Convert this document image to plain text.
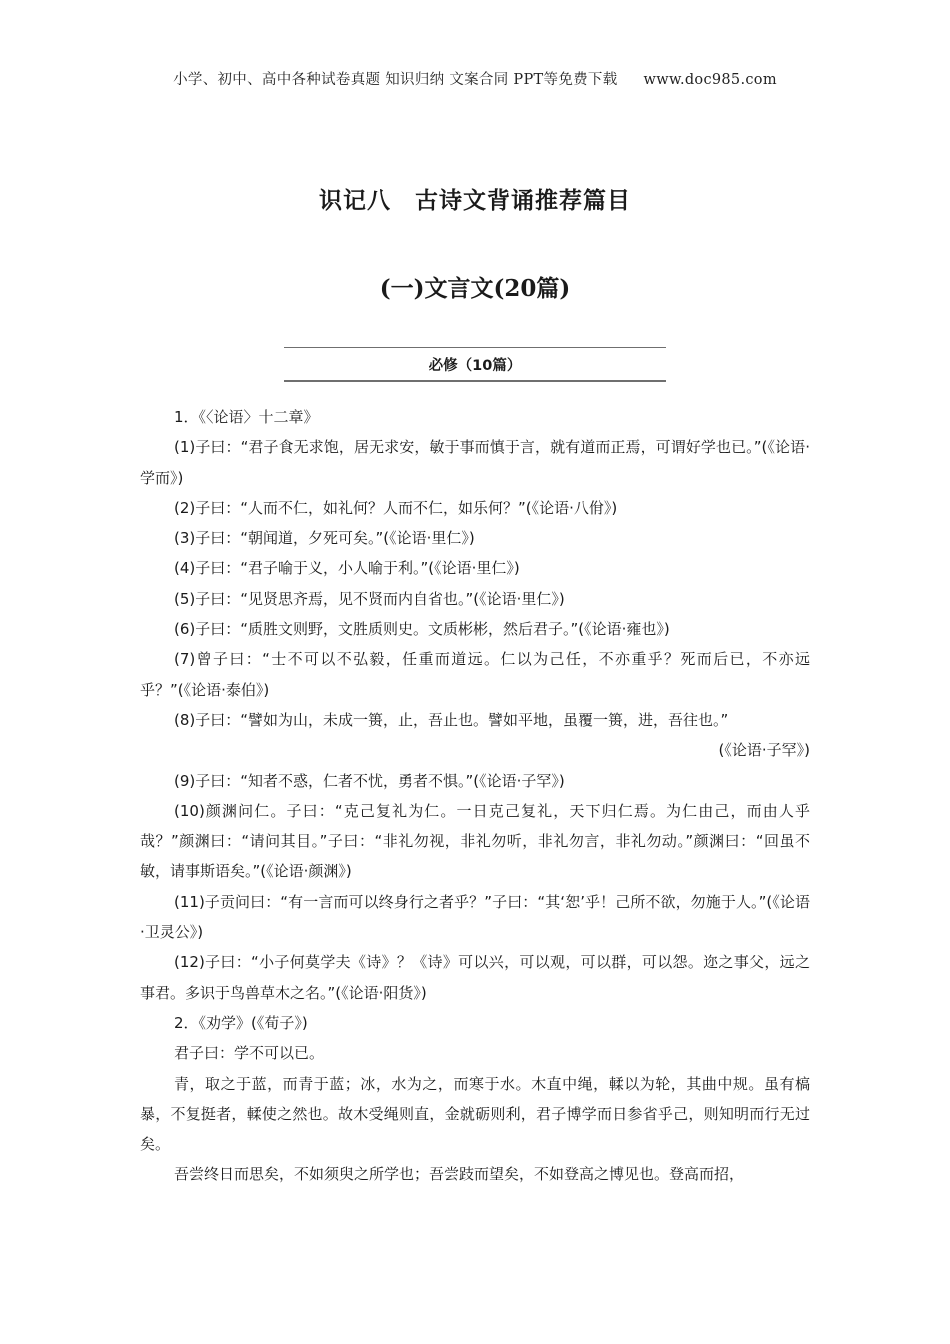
小学、初中、高中各种试卷真题 知识归纳 文案合同 PPT等免费下载 www.doc985.com
识记八　古诗文背诵推荐篇目
(一)文言文(20篇)
必修（10篇）

1．《〈论语〉十二章》

(1)子曰：“君子食无求饱，居无求安，敏于事而慎于言，就有道而正焉，可谓好学也已。”(《论语·学而》)

(2)子曰：“人而不仁，如礼何？人而不仁，如乐何？”(《论语·八佾》)

(3)子曰：“朝闻道，夕死可矣。”(《论语·里仁》)

(4)子曰：“君子喻于义，小人喻于利。”(《论语·里仁》)

(5)子曰：“见贤思齐焉，见不贤而内自省也。”(《论语·里仁》)

(6)子曰：“质胜文则野，文胜质则史。文质彬彬，然后君子。”(《论语·雍也》)

(7)曾子曰：“士不可以不弘毅，任重而道远。仁以为己任，不亦重乎？死而后已，不亦远乎？”(《论语·泰伯》)

(8)子曰：“譬如为山，未成一篑，止，吾止也。譬如平地，虽覆一篑，进，吾往也。”

(《论语·子罕》)

(9)子曰：“知者不惑，仁者不忧，勇者不惧。”(《论语·子罕》)

(10)颜渊问仁。子曰：“克己复礼为仁。一日克己复礼，天下归仁焉。为仁由己，而由人乎哉？”颜渊曰：“请问其目。”子曰：“非礼勿视，非礼勿听，非礼勿言，非礼勿动。”颜渊曰：“回虽不敏，请事斯语矣。”(《论语·颜渊》)

(11)子贡问曰：“有一言而可以终身行之者乎？”子曰：“其‘恕’乎！己所不欲，勿施于人。”(《论语·卫灵公》)

(12)子曰：“小子何莫学夫《诗》？《诗》可以兴，可以观，可以群，可以怨。迩之事父，远之事君。多识于鸟兽草木之名。”(《论语·阳货》)

2．《劝学》(《荀子》)

君子曰：学不可以已。

青，取之于蓝，而青于蓝；冰，水为之，而寒于水。木直中绳，輮以为轮，其曲中规。虽有槁暴，不复挺者，輮使之然也。故木受绳则直，金就砺则利，君子博学而日参省乎己，则知明而行无过矣。

吾尝终日而思矣，不如须臾之所学也；吾尝跂而望矣，不如登高之博见也。登高而招，
